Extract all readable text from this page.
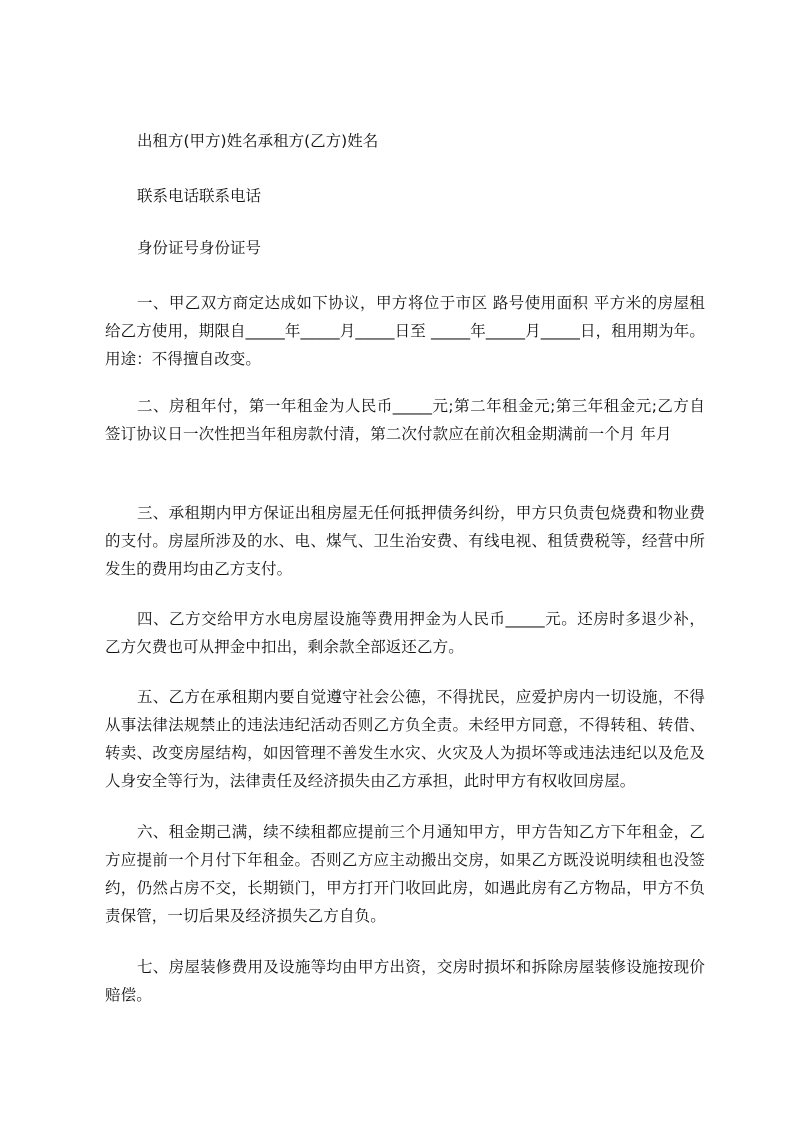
出租方(甲方)姓名承租方(乙方)姓名
联系电话联系电话
身份证号身份证号
一、甲乙双方商定达成如下协议，甲方将位于市区 路号使用面积 平方米的房屋租给乙方使用，期限自_____年_____月_____日至 _____年_____月_____日，租用期为年。用途：不得擅自改变。
二、房租年付，第一年租金为人民币_____元;第二年租金元;第三年租金元;乙方自签订协议日一次性把当年租房款付清，第二次付款应在前次租金期满前一个月 年月
三、承租期内甲方保证出租房屋无任何抵押债务纠纷，甲方只负责包烧费和物业费的支付。房屋所涉及的水、电、煤气、卫生治安费、有线电视、租赁费税等，经营中所发生的费用均由乙方支付。
四、乙方交给甲方水电房屋设施等费用押金为人民币_____元。还房时多退少补，乙方欠费也可从押金中扣出，剩余款全部返还乙方。
五、乙方在承租期内要自觉遵守社会公德，不得扰民，应爱护房内一切设施，不得从事法律法规禁止的违法违纪活动否则乙方负全责。未经甲方同意，不得转租、转借、转卖、改变房屋结构，如因管理不善发生水灾、火灾及人为损坏等或违法违纪以及危及人身安全等行为，法律责任及经济损失由乙方承担，此时甲方有权收回房屋。
六、租金期己满，续不续租都应提前三个月通知甲方，甲方告知乙方下年租金，乙方应提前一个月付下年租金。否则乙方应主动搬出交房，如果乙方既没说明续租也没签约，仍然占房不交，长期锁门，甲方打开门收回此房，如遇此房有乙方物品，甲方不负责保管，一切后果及经济损失乙方自负。
七、房屋装修费用及设施等均由甲方出资，交房时损坏和拆除房屋装修设施按现价赔偿。
